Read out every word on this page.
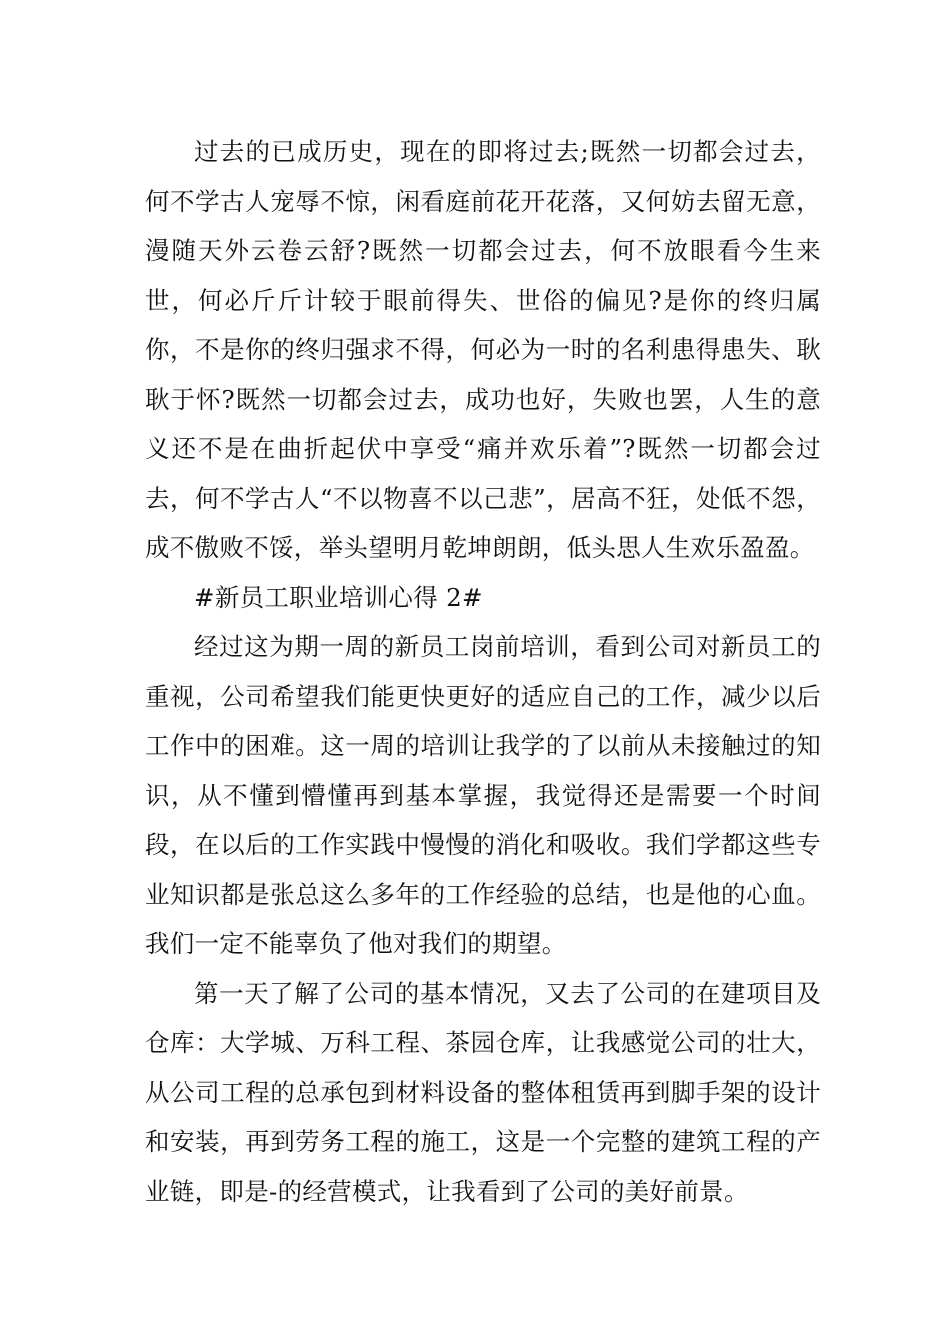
过去的已成历史，现在的即将过去;既然一切都会过去，何不学古人宠辱不惊，闲看庭前花开花落，又何妨去留无意，漫随天外云卷云舒?既然一切都会过去，何不放眼看今生来世，何必斤斤计较于眼前得失、世俗的偏见?是你的终归属你，不是你的终归强求不得，何必为一时的名利患得患失、耿耿于怀?既然一切都会过去，成功也好，失败也罢，人生的意义还不是在曲折起伏中享受“痛并欢乐着”?既然一切都会过去，何不学古人“不以物喜不以己悲”，居高不狂，处低不怨，成不傲败不馁，举头望明月乾坤朗朗，低头思人生欢乐盈盈。

#新员工职业培训心得 2#

经过这为期一周的新员工岗前培训，看到公司对新员工的重视，公司希望我们能更快更好的适应自己的工作，减少以后工作中的困难。这一周的培训让我学的了以前从未接触过的知识，从不懂到懵懂再到基本掌握，我觉得还是需要一个时间段，在以后的工作实践中慢慢的消化和吸收。我们学都这些专业知识都是张总这么多年的工作经验的总结，也是他的心血。我们一定不能辜负了他对我们的期望。

第一天了解了公司的基本情况，又去了公司的在建项目及仓库：大学城、万科工程、茶园仓库，让我感觉公司的壮大，从公司工程的总承包到材料设备的整体租赁再到脚手架的设计和安装，再到劳务工程的施工，这是一个完整的建筑工程的产业链，即是-的经营模式，让我看到了公司的美好前景。
